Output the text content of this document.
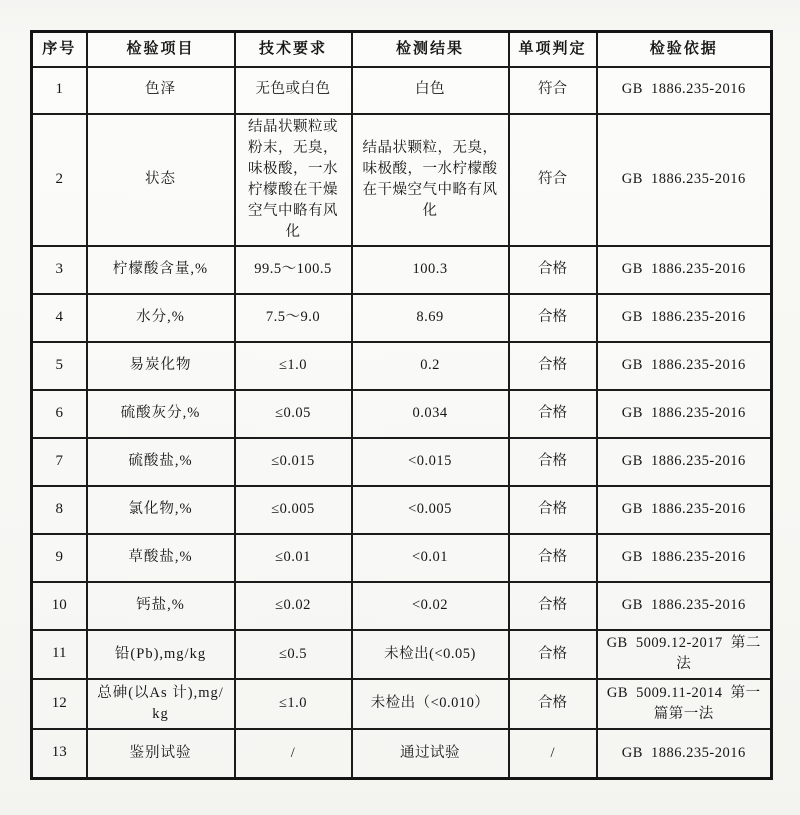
序号	检验项目	技术要求	检测结果	单项判定	检验依据
1	色泽	无色或白色	白色	符合	GB 1886.235-2016
2	状态	结晶状颗粒或粉末，无臭，味极酸，一水柠檬酸在干燥空气中略有风化	结晶状颗粒，无臭，味极酸，一水柠檬酸在干燥空气中略有风化	符合	GB 1886.235-2016
3	柠檬酸含量,%	99.5～100.5	100.3	合格	GB 1886.235-2016
4	水分,%	7.5～9.0	8.69	合格	GB 1886.235-2016
5	易炭化物	≤1.0	0.2	合格	GB 1886.235-2016
6	硫酸灰分,%	≤0.05	0.034	合格	GB 1886.235-2016
7	硫酸盐,%	≤0.015	<0.015	合格	GB 1886.235-2016
8	氯化物,%	≤0.005	<0.005	合格	GB 1886.235-2016
9	草酸盐,%	≤0.01	<0.01	合格	GB 1886.235-2016
10	钙盐,%	≤0.02	<0.02	合格	GB 1886.235-2016
11	铅(Pb),mg/kg	≤0.5	未检出(<0.05)	合格	GB 5009.12-2017 第二法
12	总砷(以As 计),mg/kg	≤1.0	未检出（<0.010）	合格	GB 5009.11-2014 第一篇第一法
13	鉴别试验	/	通过试验	/	GB 1886.235-2016
